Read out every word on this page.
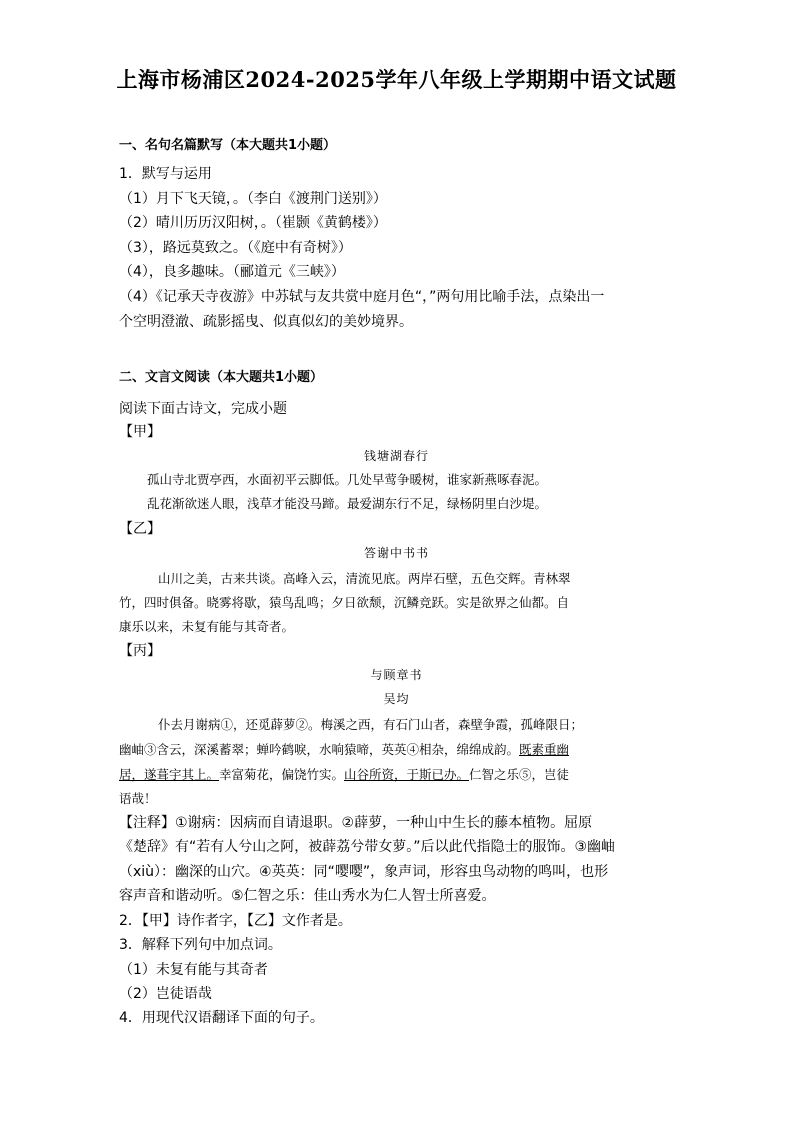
上海市杨浦区2024-2025学年八年级上学期期中语文试题
一、名句名篇默写（本大题共1小题）
1．默写与运用
（1）月下飞天镜，。（李白《渡荆门送别》）
（2）晴川历历汉阳树，。（崔颢《黄鹤楼》）
（3），路远莫致之。（《庭中有奇树》）
（4），良多趣味。（郦道元《三峡》）
（4）《记承天寺夜游》中苏轼与友共赏中庭月色“，”两句用比喻手法，点染出一
个空明澄澈、疏影摇曳、似真似幻的美妙境界。
二、文言文阅读（本大题共1小题）
阅读下面古诗文，完成小题
【甲】
钱塘湖春行
孤山寺北贾亭西，水面初平云脚低。几处早莺争暖树，谁家新燕啄春泥。
乱花渐欲迷人眼，浅草才能没马蹄。最爱湖东行不足，绿杨阴里白沙堤。
【乙】
答谢中书书
山川之美，古来共谈。高峰入云，清流见底。两岸石壁，五色交辉。青林翠
竹，四时俱备。晓雾将歇，猿鸟乱鸣；夕日欲颓，沉鳞竞跃。实是欲界之仙都。自
康乐以来，未复有能与其奇者。
【丙】
与顾章书
吴均
仆去月谢病①，还觅薜萝②。梅溪之西，有石门山者，森壁争霞，孤峰限日；
幽岫③含云，深溪蓄翠；蝉吟鹤唳，水响猿啼，英英④相杂，绵绵成韵。既素重幽
居，遂葺宇其上。幸富菊花，偏饶竹实。山谷所资，于斯已办。仁智之乐⑤，岂徒
语哉！
【注释】①谢病：因病而自请退职。②薜萝，一种山中生长的藤本植物。屈原
《楚辞》有“若有人兮山之阿，被薜荔兮带女萝。”后以此代指隐士的服饰。③幽岫
（xiù）：幽深的山穴。④英英：同“嘤嘤”，象声词，形容虫鸟动物的鸣叫，也形
容声音和谐动听。⑤仁智之乐：佳山秀水为仁人智士所喜爱。
2．【甲】诗作者字，【乙】文作者是。
3．解释下列句中加点词。
（1）未复有能与其奇者
（2）岂徒语哉
4．用现代汉语翻译下面的句子。
